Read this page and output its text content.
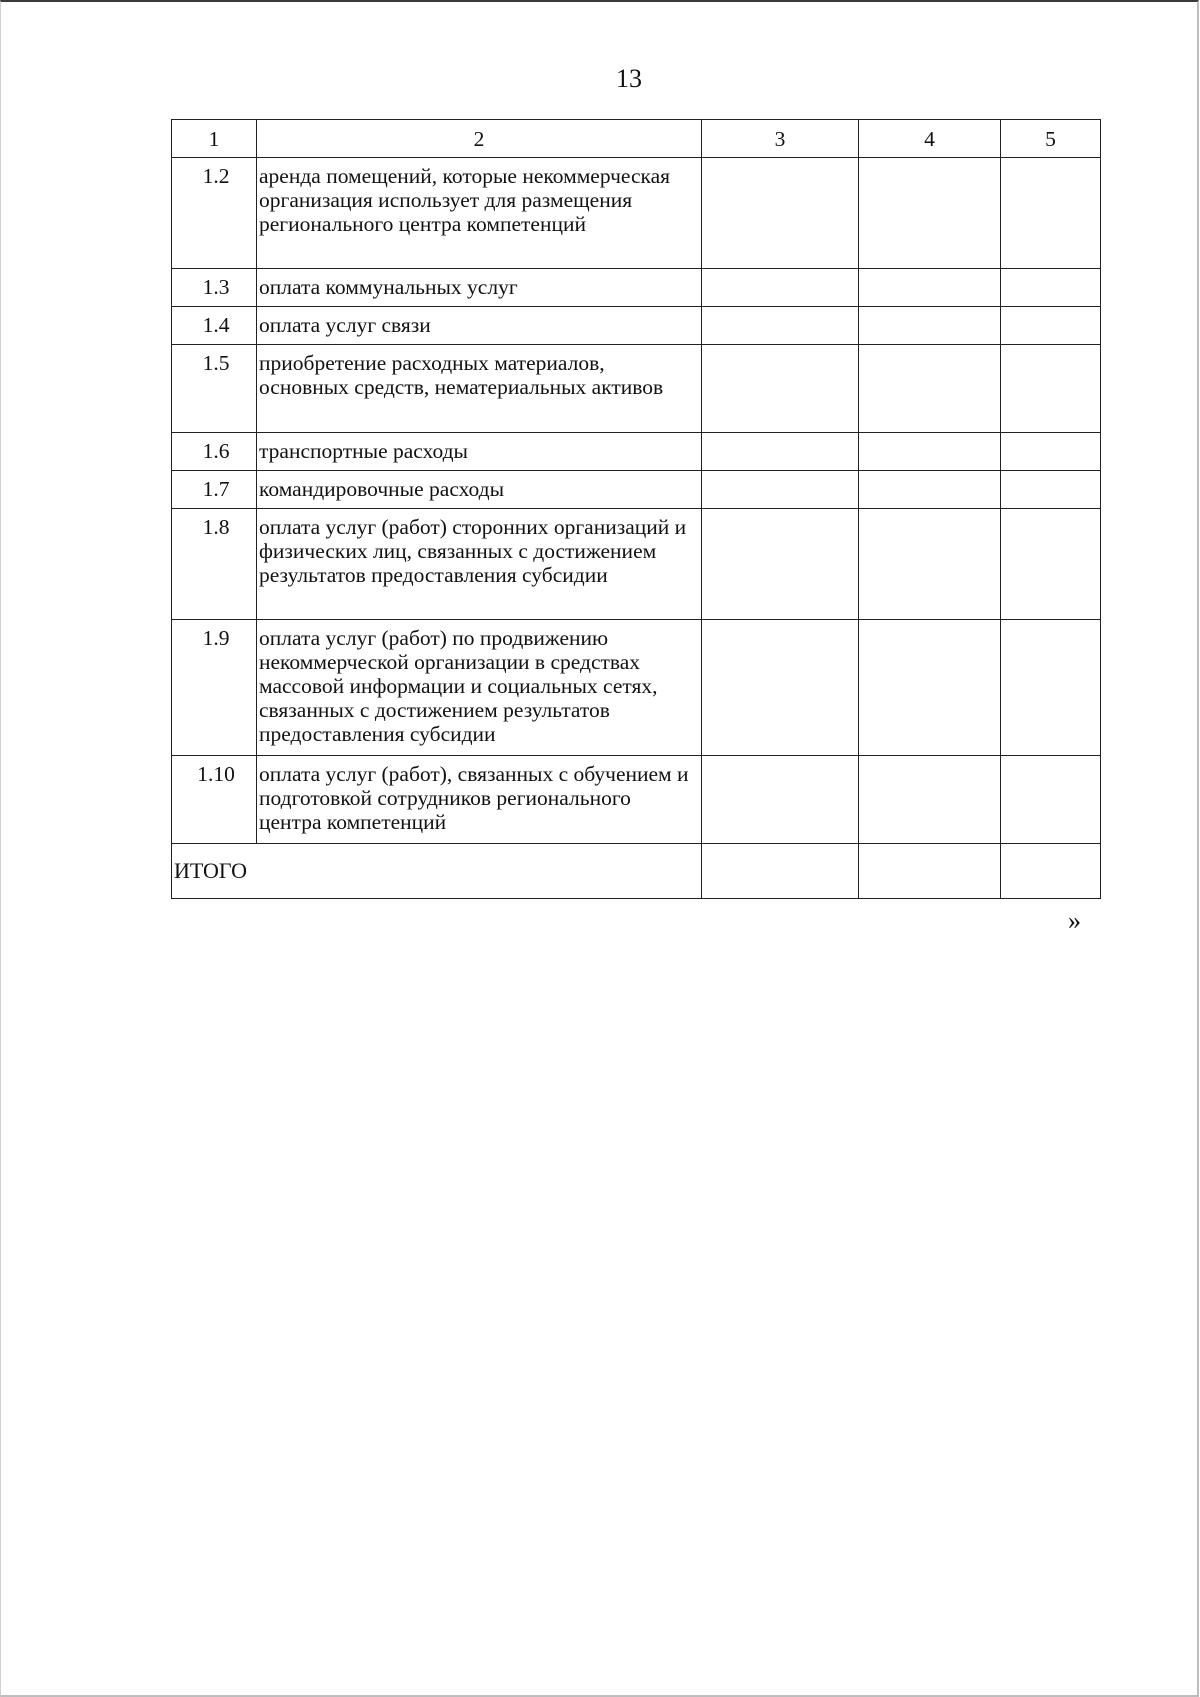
13
1	2	3	4	5
1.2	аренда помещений, которые некоммерческая организация использует для размещения регионального центра компетенций			
1.3	оплата коммунальных услуг			
1.4	оплата услуг связи			
1.5	приобретение расходных материалов, основных средств, нематериальных активов			
1.6	транспортные расходы			
1.7	командировочные расходы			
1.8	оплата услуг (работ) сторонних организаций и физических лиц, связанных с достижением результатов предоставления субсидии			
1.9	оплата услуг (работ) по продвижению некоммерческой организации в средствах массовой информации и социальных сетях, связанных с достижением результатов предоставления субсидии			
1.10	оплата услуг (работ), связанных с обучением и подготовкой сотрудников регионального центра компетенций			
ИТОГО				
»
